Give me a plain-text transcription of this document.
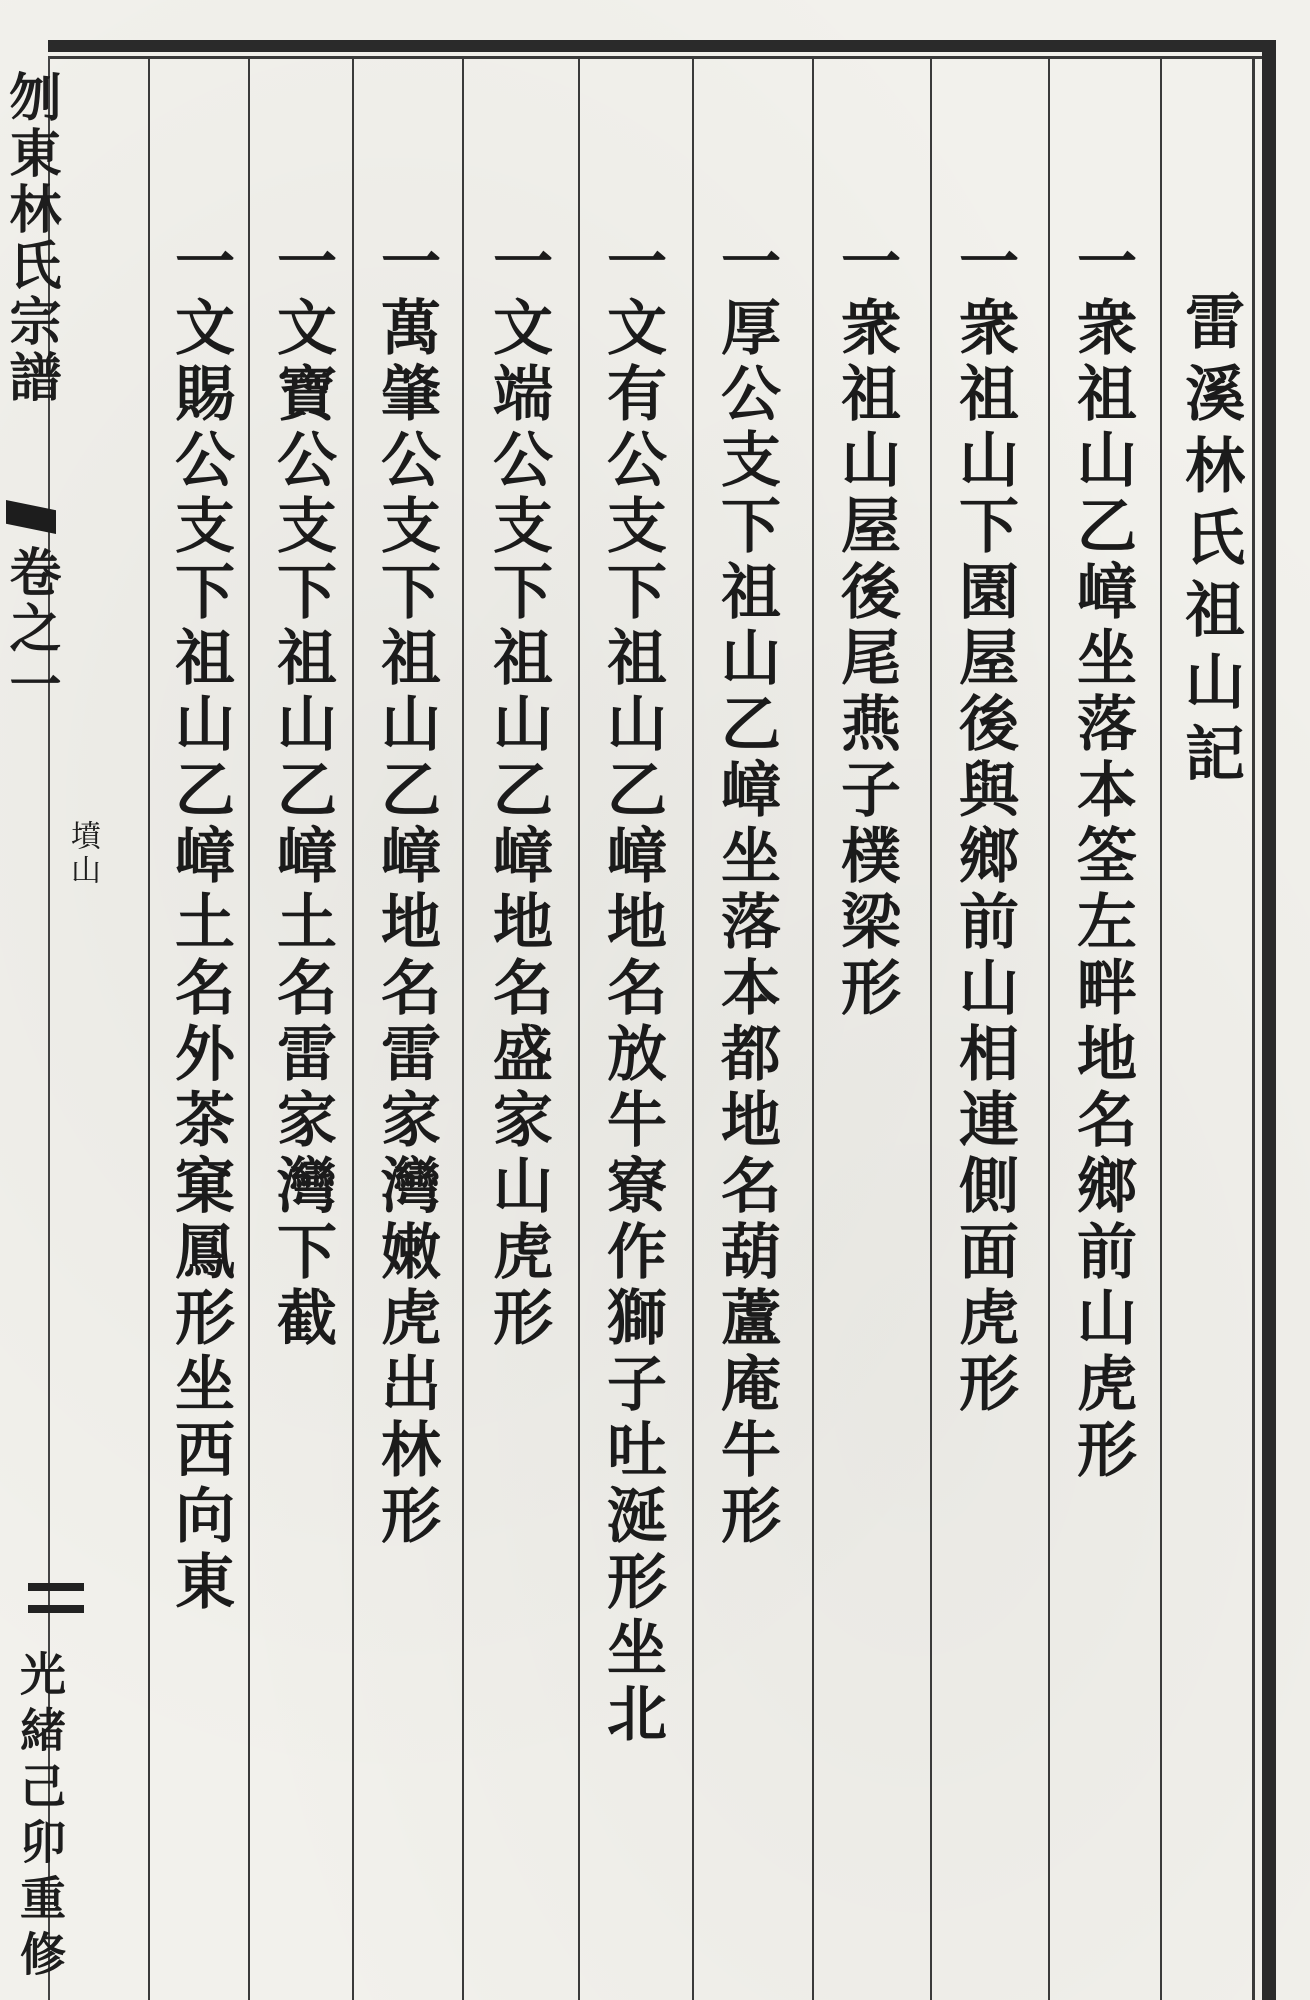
刎東林氏宗譜
卷之一
墳山
光緒己卯重修
雷溪林氏祖山記
一衆祖山乙嶂坐落本筌左畔地名鄉前山虎形
一衆祖山下園屋後與鄉前山相連側面虎形
一衆祖山屋後尾燕子樸梁形
一厚公支下祖山乙嶂坐落本都地名葫蘆庵牛形
一文有公支下祖山乙嶂地名放牛寮作獅子吐涎形坐北
一文端公支下祖山乙嶂地名盛家山虎形
一萬肇公支下祖山乙嶂地名雷家灣嫩虎出林形
一文寶公支下祖山乙嶂土名雷家灣下截
一文賜公支下祖山乙嶂土名外茶窠鳳形坐西向東
